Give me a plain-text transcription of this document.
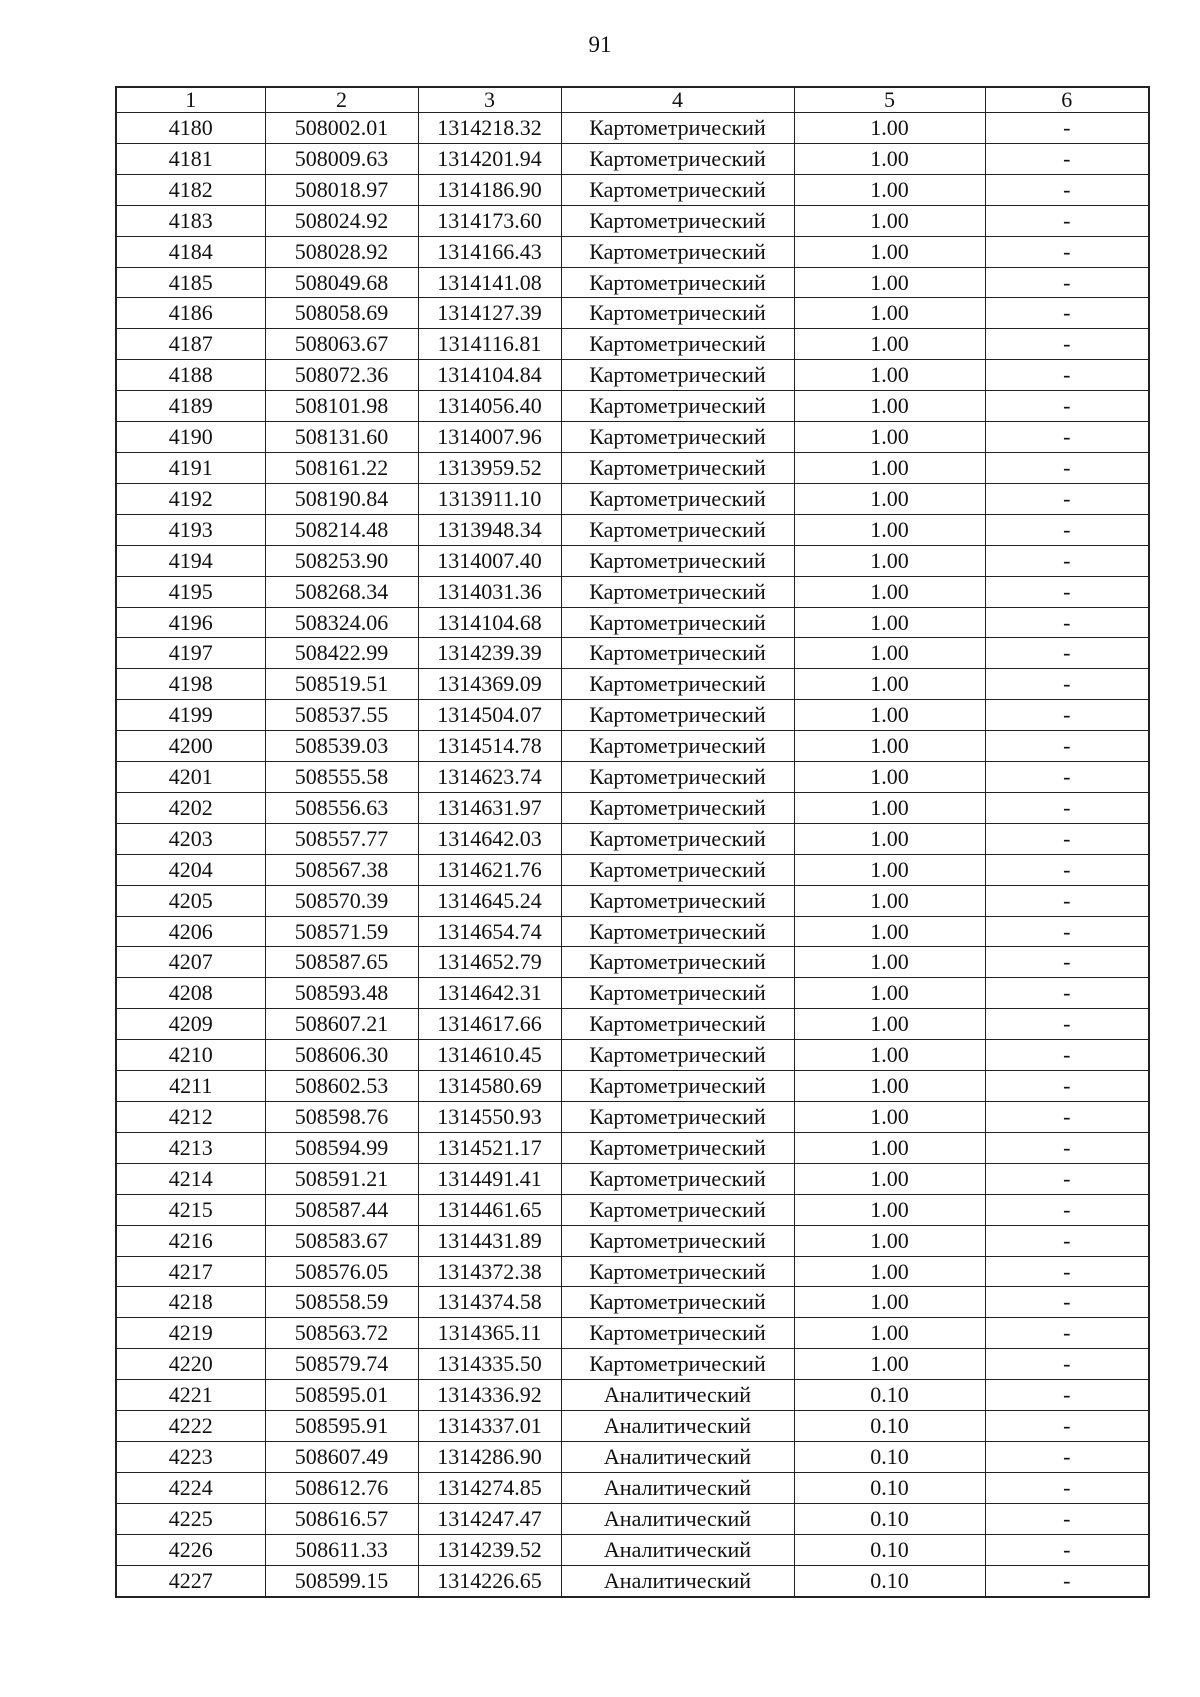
91
1	2	3	4	5	6
4180	508002.01	1314218.32	Картометрический	1.00	-
4181	508009.63	1314201.94	Картометрический	1.00	-
4182	508018.97	1314186.90	Картометрический	1.00	-
4183	508024.92	1314173.60	Картометрический	1.00	-
4184	508028.92	1314166.43	Картометрический	1.00	-
4185	508049.68	1314141.08	Картометрический	1.00	-
4186	508058.69	1314127.39	Картометрический	1.00	-
4187	508063.67	1314116.81	Картометрический	1.00	-
4188	508072.36	1314104.84	Картометрический	1.00	-
4189	508101.98	1314056.40	Картометрический	1.00	-
4190	508131.60	1314007.96	Картометрический	1.00	-
4191	508161.22	1313959.52	Картометрический	1.00	-
4192	508190.84	1313911.10	Картометрический	1.00	-
4193	508214.48	1313948.34	Картометрический	1.00	-
4194	508253.90	1314007.40	Картометрический	1.00	-
4195	508268.34	1314031.36	Картометрический	1.00	-
4196	508324.06	1314104.68	Картометрический	1.00	-
4197	508422.99	1314239.39	Картометрический	1.00	-
4198	508519.51	1314369.09	Картометрический	1.00	-
4199	508537.55	1314504.07	Картометрический	1.00	-
4200	508539.03	1314514.78	Картометрический	1.00	-
4201	508555.58	1314623.74	Картометрический	1.00	-
4202	508556.63	1314631.97	Картометрический	1.00	-
4203	508557.77	1314642.03	Картометрический	1.00	-
4204	508567.38	1314621.76	Картометрический	1.00	-
4205	508570.39	1314645.24	Картометрический	1.00	-
4206	508571.59	1314654.74	Картометрический	1.00	-
4207	508587.65	1314652.79	Картометрический	1.00	-
4208	508593.48	1314642.31	Картометрический	1.00	-
4209	508607.21	1314617.66	Картометрический	1.00	-
4210	508606.30	1314610.45	Картометрический	1.00	-
4211	508602.53	1314580.69	Картометрический	1.00	-
4212	508598.76	1314550.93	Картометрический	1.00	-
4213	508594.99	1314521.17	Картометрический	1.00	-
4214	508591.21	1314491.41	Картометрический	1.00	-
4215	508587.44	1314461.65	Картометрический	1.00	-
4216	508583.67	1314431.89	Картометрический	1.00	-
4217	508576.05	1314372.38	Картометрический	1.00	-
4218	508558.59	1314374.58	Картометрический	1.00	-
4219	508563.72	1314365.11	Картометрический	1.00	-
4220	508579.74	1314335.50	Картометрический	1.00	-
4221	508595.01	1314336.92	Аналитический	0.10	-
4222	508595.91	1314337.01	Аналитический	0.10	-
4223	508607.49	1314286.90	Аналитический	0.10	-
4224	508612.76	1314274.85	Аналитический	0.10	-
4225	508616.57	1314247.47	Аналитический	0.10	-
4226	508611.33	1314239.52	Аналитический	0.10	-
4227	508599.15	1314226.65	Аналитический	0.10	-
